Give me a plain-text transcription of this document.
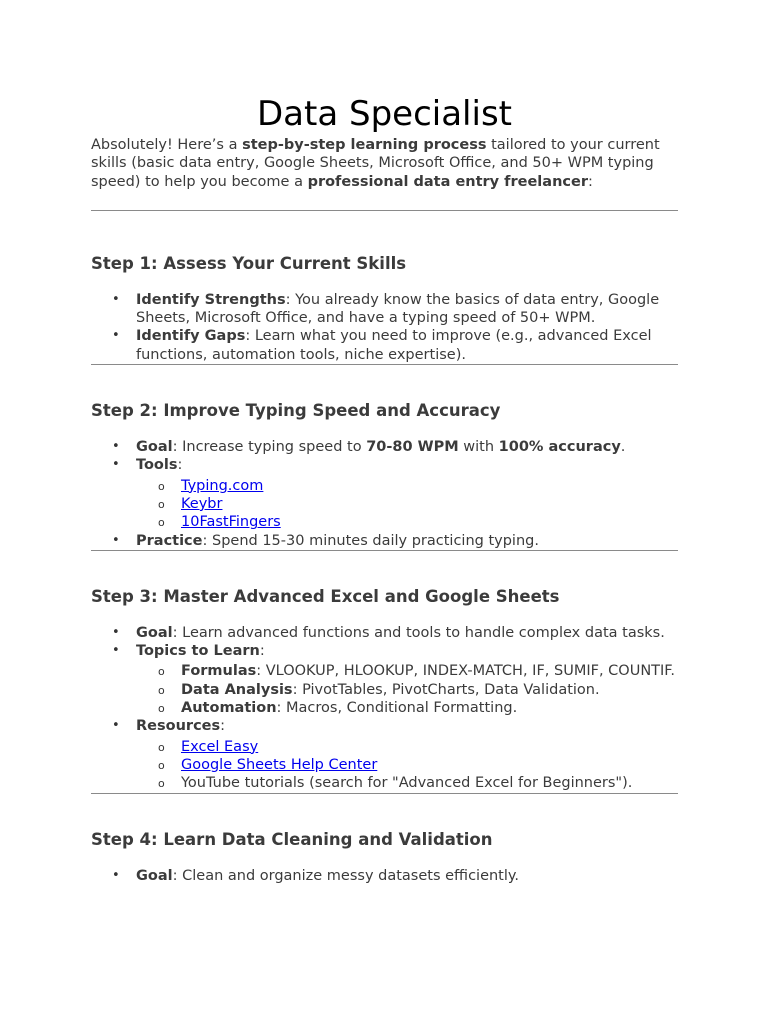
Data Specialist

Absolutely! Here’s a step-by-step learning process tailored to your current skills (basic data entry, Google Sheets, Microsoft Office, and 50+ WPM typing speed) to help you become a professional data entry freelancer:

Step 1: Assess Your Current Skills
• Identify Strengths: You already know the basics of data entry, Google Sheets, Microsoft Office, and have a typing speed of 50+ WPM.
• Identify Gaps: Learn what you need to improve (e.g., advanced Excel functions, automation tools, niche expertise).
Step 2: Improve Typing Speed and Accuracy
• Goal: Increase typing speed to 70-80 WPM with 100% accuracy.
• Tools:
o Typing.com
o Keybr
o 10FastFingers
• Practice: Spend 15-30 minutes daily practicing typing.
Step 3: Master Advanced Excel and Google Sheets
• Goal: Learn advanced functions and tools to handle complex data tasks.
• Topics to Learn:
o Formulas: VLOOKUP, HLOOKUP, INDEX-MATCH, IF, SUMIF, COUNTIF.
o Data Analysis: PivotTables, PivotCharts, Data Validation.
o Automation: Macros, Conditional Formatting.
• Resources:
o Excel Easy
o Google Sheets Help Center
o YouTube tutorials (search for "Advanced Excel for Beginners").
Step 4: Learn Data Cleaning and Validation
• Goal: Clean and organize messy datasets efficiently.
